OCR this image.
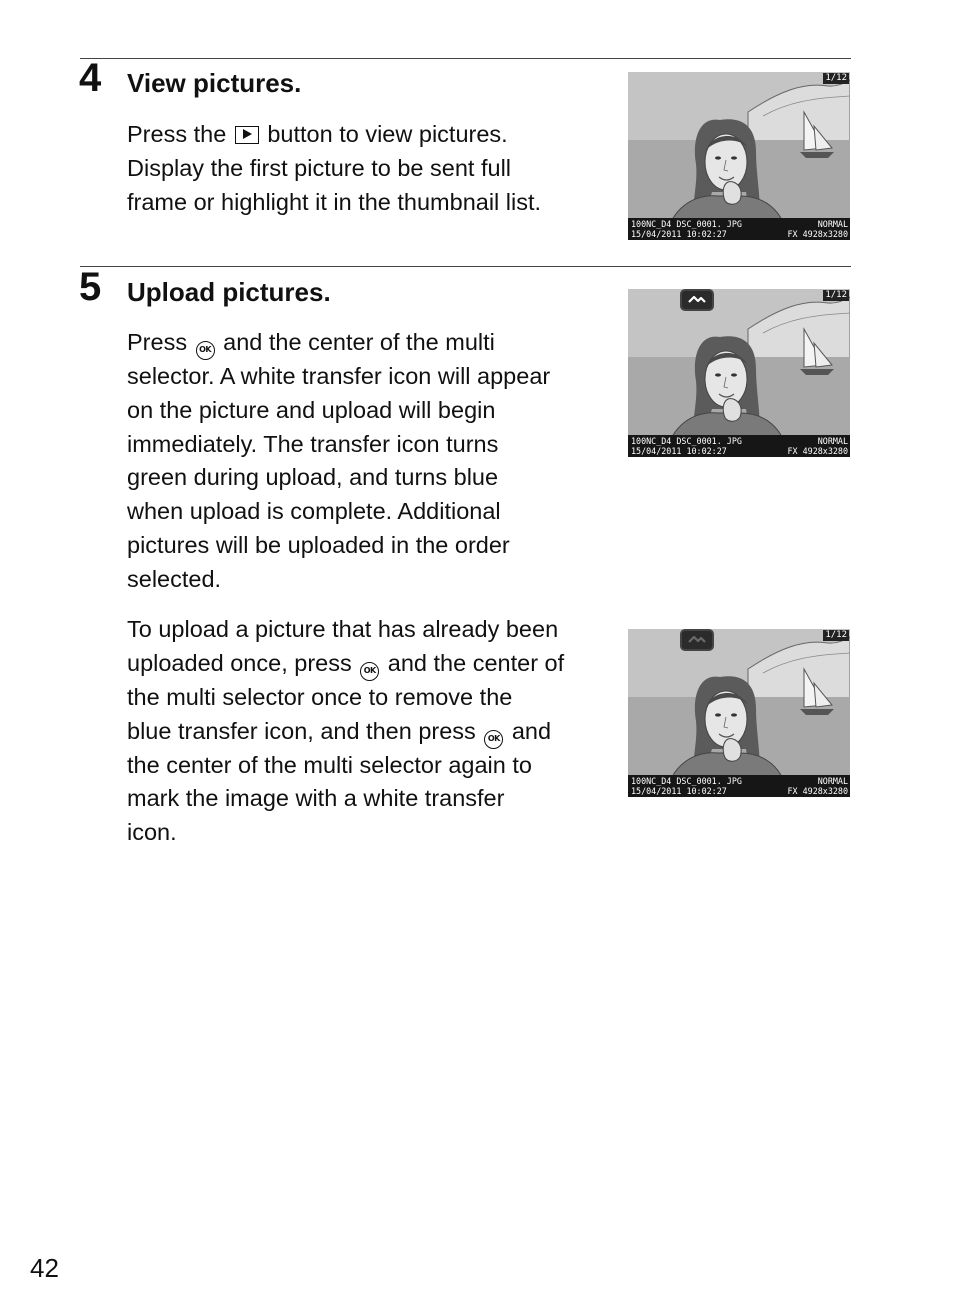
4 View pictures.

Press the button to view pictures.
Display the first picture to be sent full
frame or highlight it in the thumbnail list.

5 Upload pictures.

Press OK and the center of the multi
selector. A white transfer icon will appear
on the picture and upload will begin
immediately. The transfer icon turns
green during upload, and turns blue
when upload is complete. Additional
pictures will be uploaded in the order
selected.

To upload a picture that has already been
uploaded once, press OK and the center of
the multi selector once to remove the
blue transfer icon, and then press OK and
the center of the multi selector again to
mark the image with a white transfer
icon.

1/12
100NC_D4 DSC_0001. JPG	NORMAL
15/04/2011 10:02:27	FX 4928x3280
1/12
100NC_D4 DSC_0001. JPG	NORMAL
15/04/2011 10:02:27	FX 4928x3280
1/12
100NC_D4 DSC_0001. JPG	NORMAL
15/04/2011 10:02:27	FX 4928x3280
42
